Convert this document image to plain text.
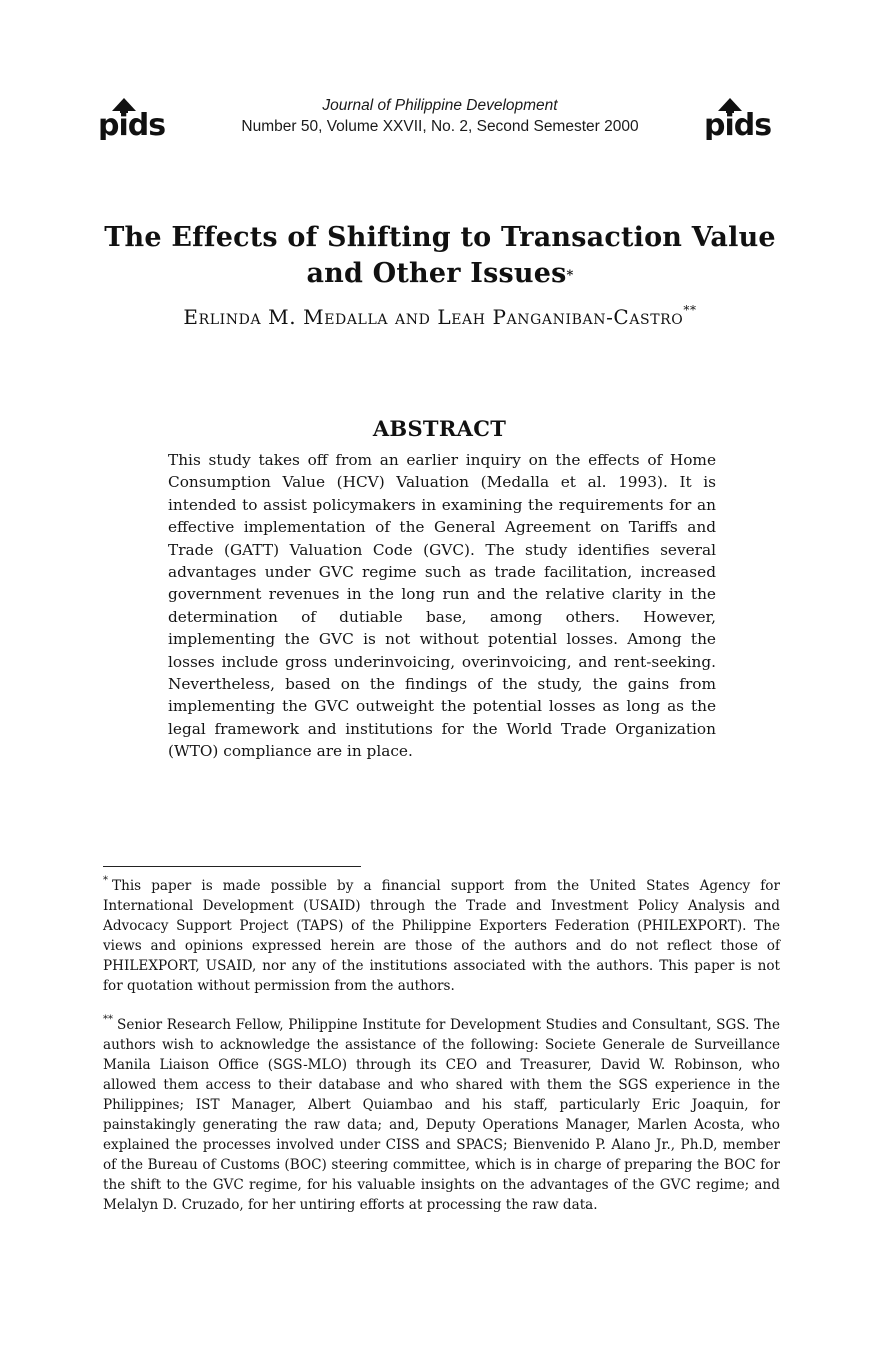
pids	pids
Journal of Philippine Development
Number 50, Volume XXVII, No. 2, Second Semester 2000
The Effects of Shifting to Transaction Value
and Other Issues*
Erlinda M. Medalla and Leah Panganiban-Castro**
ABSTRACT
This study takes off from an earlier inquiry on the effects of Home Consumption Value (HCV) Valuation (Medalla et al. 1993). It is intended to assist policymakers in examining the requirements for an effective implementation of the General Agreement on Tariffs and Trade (GATT) Valuation Code (GVC). The study identifies several advantages under GVC regime such as trade facilitation, increased government revenues in the long run and the relative clarity in the determination of dutiable base, among others. However, implementing the GVC is not without potential losses. Among the losses include gross underinvoicing, overinvoicing, and rent-seeking. Nevertheless, based on the findings of the study, the gains from implementing the GVC outweight the potential losses as long as the legal framework and institutions for the World Trade Organization (WTO) compliance are in place.
* This paper is made possible by a financial support from the United States Agency for International Development (USAID) through the Trade and Investment Policy Analysis and Advocacy Support Project (TAPS) of the Philippine Exporters Federation (PHILEXPORT). The views and opinions expressed herein are those of the authors and do not reflect those of PHILEXPORT, USAID, nor any of the institutions associated with the authors. This paper is not for quotation without permission from the authors.
** Senior Research Fellow, Philippine Institute for Development Studies and Consultant, SGS. The authors wish to acknowledge the assistance of the following: Societe Generale de Surveillance Manila Liaison Office (SGS-MLO) through its CEO and Treasurer, David W. Robinson, who allowed them access to their database and who shared with them the SGS experience in the Philippines; IST Manager, Albert Quiambao and his staff, particularly Eric Joaquin, for painstakingly generating the raw data; and, Deputy Operations Manager, Marlen Acosta, who explained the processes involved under CISS and SPACS; Bienvenido P. Alano Jr., Ph.D, member of the Bureau of Customs (BOC) steering committee, which is in charge of preparing the BOC for the shift to the GVC regime, for his valuable insights on the advantages of the GVC regime; and Melalyn D. Cruzado, for her untiring efforts at processing the raw data.
